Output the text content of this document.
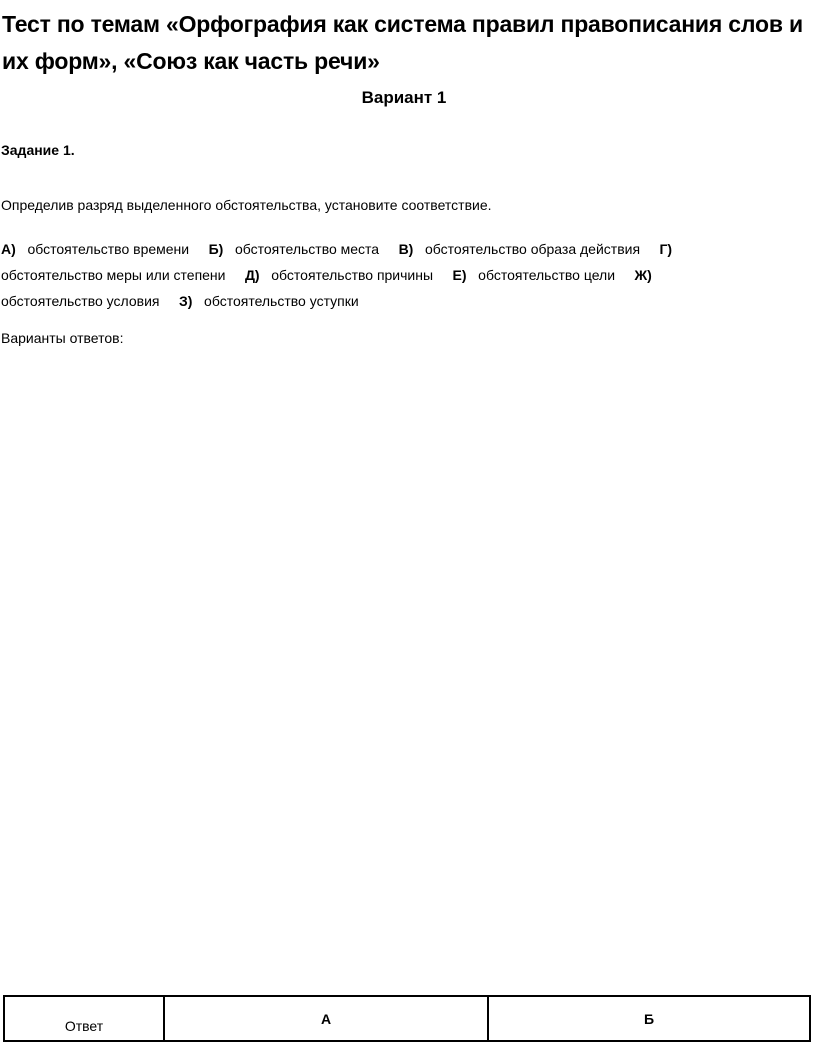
Тест по темам «Орфография как система правил правописания слов и их форм», «Союз как часть речи»
Вариант 1
Задание 1.
Определив разряд выделенного обстоятельства, установите соответствие.

А) обстоятельство времени Б) обстоятельство места В) обстоятельство образа действия Г)
обстоятельство меры или степени Д) обстоятельство причины Е) обстоятельство цели Ж)
обстоятельство условия З) обстоятельство уступки

Варианты ответов:
Ответ	А	Б
